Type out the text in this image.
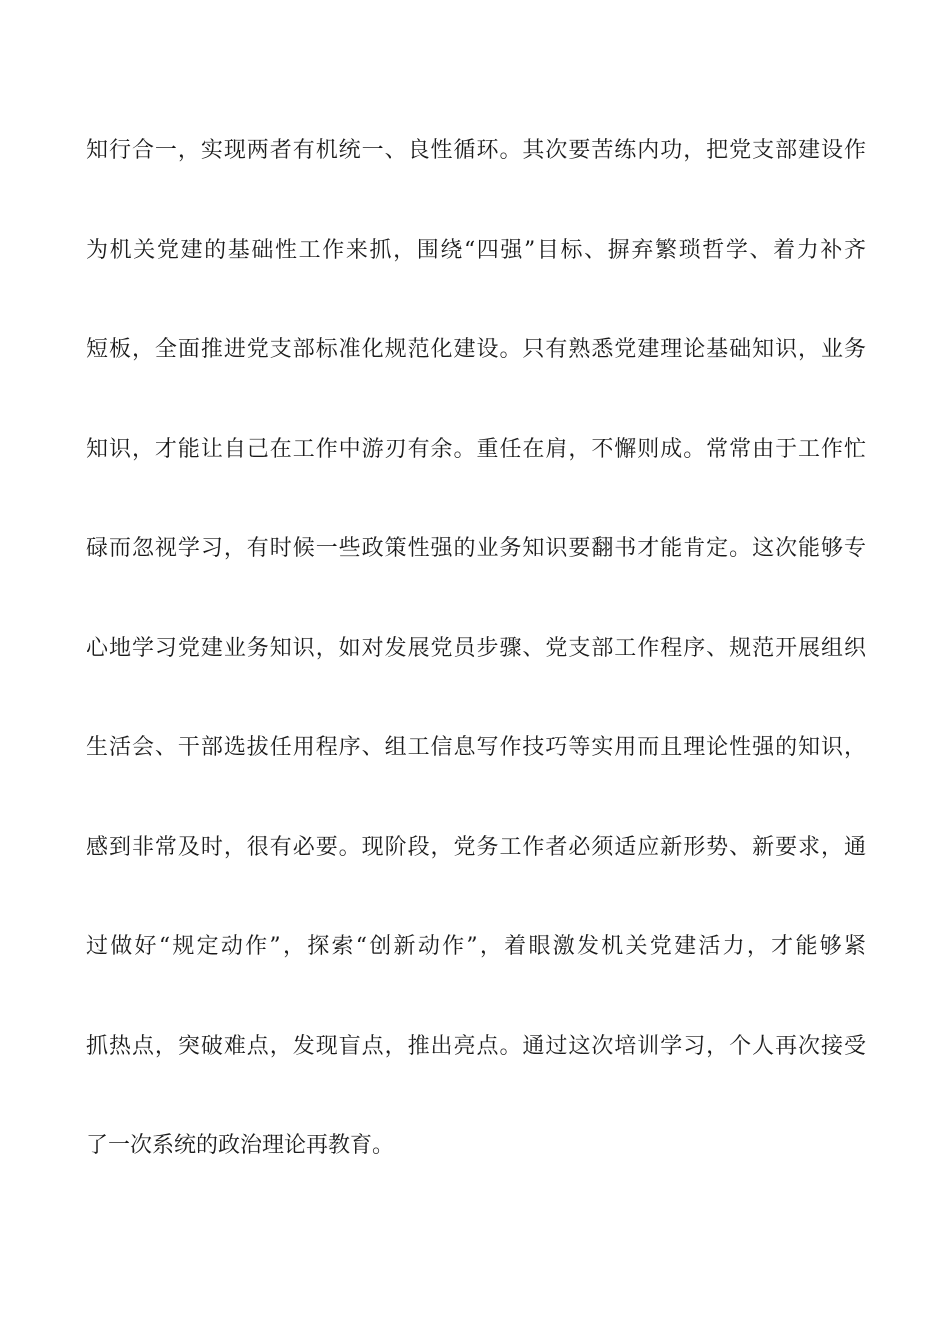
知行合一，实现两者有机统一、良性循环。其次要苦练内功，把党支部建设作
为机关党建的基础性工作来抓，围绕“四强”目标、摒弃繁琐哲学、着力补齐
短板，全面推进党支部标准化规范化建设。只有熟悉党建理论基础知识，业务
知识，才能让自己在工作中游刃有余。重任在肩，不懈则成。常常由于工作忙
碌而忽视学习，有时候一些政策性强的业务知识要翻书才能肯定。这次能够专
心地学习党建业务知识，如对发展党员步骤、党支部工作程序、规范开展组织
生活会、干部选拔任用程序、组工信息写作技巧等实用而且理论性强的知识，
感到非常及时，很有必要。现阶段，党务工作者必须适应新形势、新要求，通
过做好“规定动作”，探索“创新动作”，着眼激发机关党建活力，才能够紧
抓热点，突破难点，发现盲点，推出亮点。通过这次培训学习，个人再次接受
了一次系统的政治理论再教育。
